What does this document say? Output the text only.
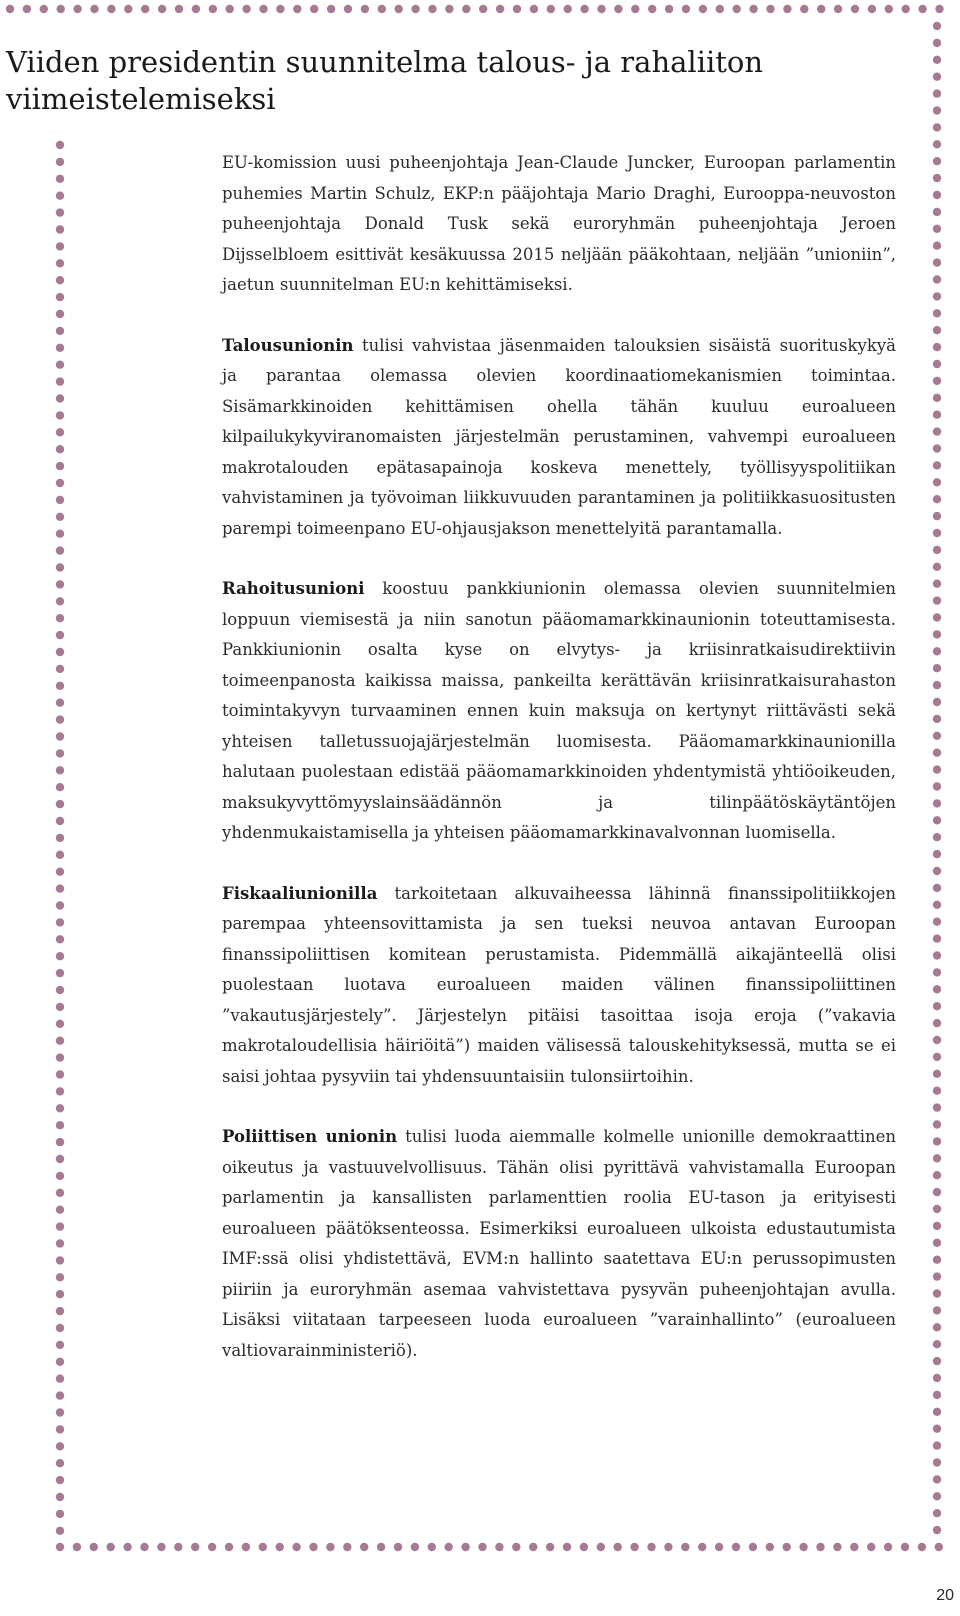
Viiden presidentin suunnitelma talous- ja rahaliiton viimeistelemiseksi

EU-komission uusi puheenjohtaja Jean-Claude Juncker, Euroopan parlamentin puhemies Martin Schulz, EKP:n pääjohtaja Mario Draghi, Eurooppa-neuvoston puheenjohtaja Donald Tusk sekä euroryhmän puheenjohtaja Jeroen Dijsselbloem esittivät kesäkuussa 2015 neljään pääkohtaan, neljään ”unioniin”, jaetun suunnitelman EU:n kehittämiseksi.

Talousunionin tulisi vahvistaa jäsenmaiden talouksien sisäistä suorituskykyä ja parantaa olemassa olevien koordinaatiomekanismien toimintaa. Sisämarkkinoiden kehittämisen ohella tähän kuuluu euroalueen kilpailukykyviranomaisten järjestelmän perustaminen, vahvempi euroalueen makrotalouden epätasapainoja koskeva menettely, työllisyyspolitiikan vahvistaminen ja työvoiman liikkuvuuden parantaminen ja politiikkasuositusten parempi toimeenpano EU-ohjausjakson menettelyitä parantamalla.

Rahoitusunioni koostuu pankkiunionin olemassa olevien suunnitelmien loppuun viemisestä ja niin sanotun pääomamarkkinaunionin toteuttamisesta. Pankkiunionin osalta kyse on elvytys- ja kriisinratkaisudirektiivin toimeenpanosta kaikissa maissa, pankeilta kerättävän kriisinratkaisurahaston toimintakyvyn turvaaminen ennen kuin maksuja on kertynyt riittävästi sekä yhteisen talletussuojajärjestelmän luomisesta. Pääomamarkkinaunionilla halutaan puolestaan edistää pääomamarkkinoiden yhdentymistä yhtiöoikeuden, maksukyvyttömyyslainsäädännön ja tilinpäätöskäytäntöjen yhdenmukaistamisella ja yhteisen pääomamarkkinavalvonnan luomisella.

Fiskaaliunionilla tarkoitetaan alkuvaiheessa lähinnä finanssipolitiikkojen parempaa yhteensovittamista ja sen tueksi neuvoa antavan Euroopan finanssipoliittisen komitean perustamista. Pidemmällä aikajänteellä olisi puolestaan luotava euroalueen maiden välinen finanssipoliittinen ”vakautusjärjestely”. Järjestelyn pitäisi tasoittaa isoja eroja (”vakavia makrotaloudellisia häiriöitä”) maiden välisessä talouskehityksessä, mutta se ei saisi johtaa pysyviin tai yhdensuuntaisiin tulonsiirtoihin.

Poliittisen unionin tulisi luoda aiemmalle kolmelle unionille demokraattinen oikeutus ja vastuuvelvollisuus. Tähän olisi pyrittävä vahvistamalla Euroopan parlamentin ja kansallisten parlamenttien roolia EU-tason ja erityisesti euroalueen päätöksenteossa. Esimerkiksi euroalueen ulkoista edustautumista IMF:ssä olisi yhdistettävä, EVM:n hallinto saatettava EU:n perussopimusten piiriin ja euroryhmän asemaa vahvistettava pysyvän puheenjohtajan avulla. Lisäksi viitataan tarpeeseen luoda euroalueen ”varainhallinto” (euroalueen valtiovarainministeriö).

20
